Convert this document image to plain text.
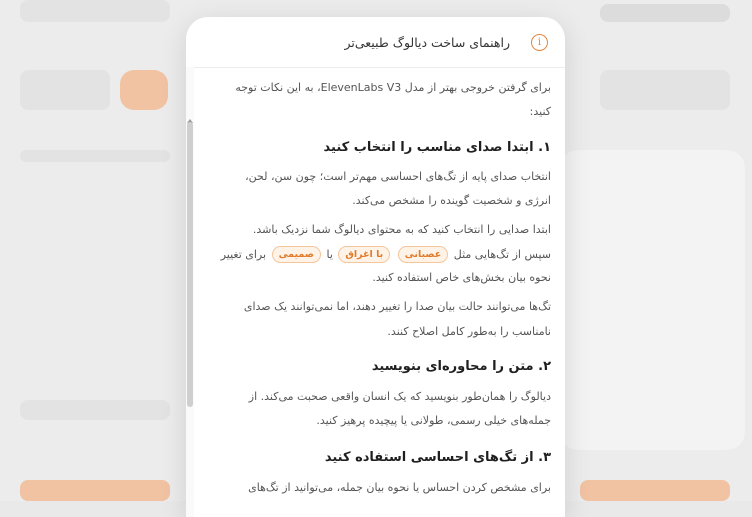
راهنمای ساخت دیالوگ طبیعی‌تر	i
برای گرفتن خروجی بهتر از مدل ElevenLabs V3، به این نکات توجه
کنید:
۱. ابتدا صدای مناسب را انتخاب کنید
انتخاب صدای پایه از تگ‌های احساسی مهم‌تر است؛ چون سن، لحن،
انرژی و شخصیت گوینده را مشخص می‌کند.
ابتدا صدایی را انتخاب کنید که به محتوای دیالوگ شما نزدیک باشد.
سپس از تگ‌هایی مثل عصبانی با اغراق یا صمیمی برای تغییر
نحوه بیان بخش‌های خاص استفاده کنید.
تگ‌ها می‌توانند حالت بیان صدا را تغییر دهند، اما نمی‌توانند یک صدای
نامناسب را به‌طور کامل اصلاح کنند.
۲. متن را محاوره‌ای بنویسید
دیالوگ را همان‌طور بنویسید که یک انسان واقعی صحبت می‌کند. از
جمله‌های خیلی رسمی، طولانی یا پیچیده پرهیز کنید.
۳. از تگ‌های احساسی استفاده کنید
برای مشخص کردن احساس یا نحوه بیان جمله، می‌توانید از تگ‌های
